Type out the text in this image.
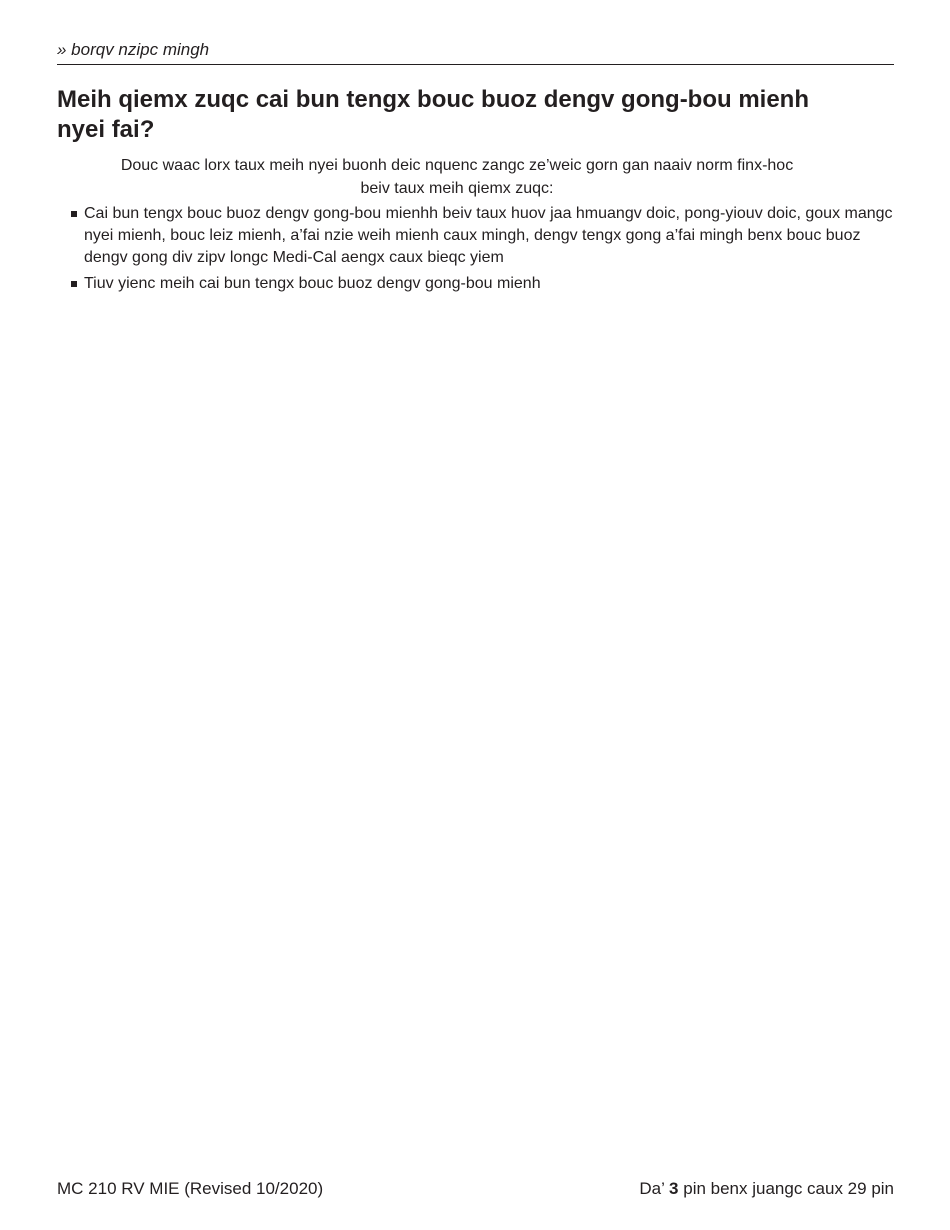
» borqv nzipc mingh
Meih qiemx zuqc cai bun tengx bouc buoz dengv gong-bou mienh nyei fai?

Douc waac lorx taux meih nyei buonh deic nquenc zangc ze’weic gorn gan naaiv norm finx-hoc
beiv taux meih qiemx zuqc:

Cai bun tengx bouc buoz dengv gong-bou mienhh beiv taux huov jaa hmuangv doic, pong-yiouv doic, goux mangc nyei mienh, bouc leiz mienh, a’fai nzie weih mienh caux mingh, dengv tengx gong a’fai mingh benx bouc buoz dengv gong div zipv longc Medi-Cal aengx caux bieqc yiem
Tiuv yienc meih cai bun tengx bouc buoz dengv gong-bou mienh
MC 210 RV MIE (Revised 10/2020)	Da’ 3 pin benx juangc caux 29 pin
